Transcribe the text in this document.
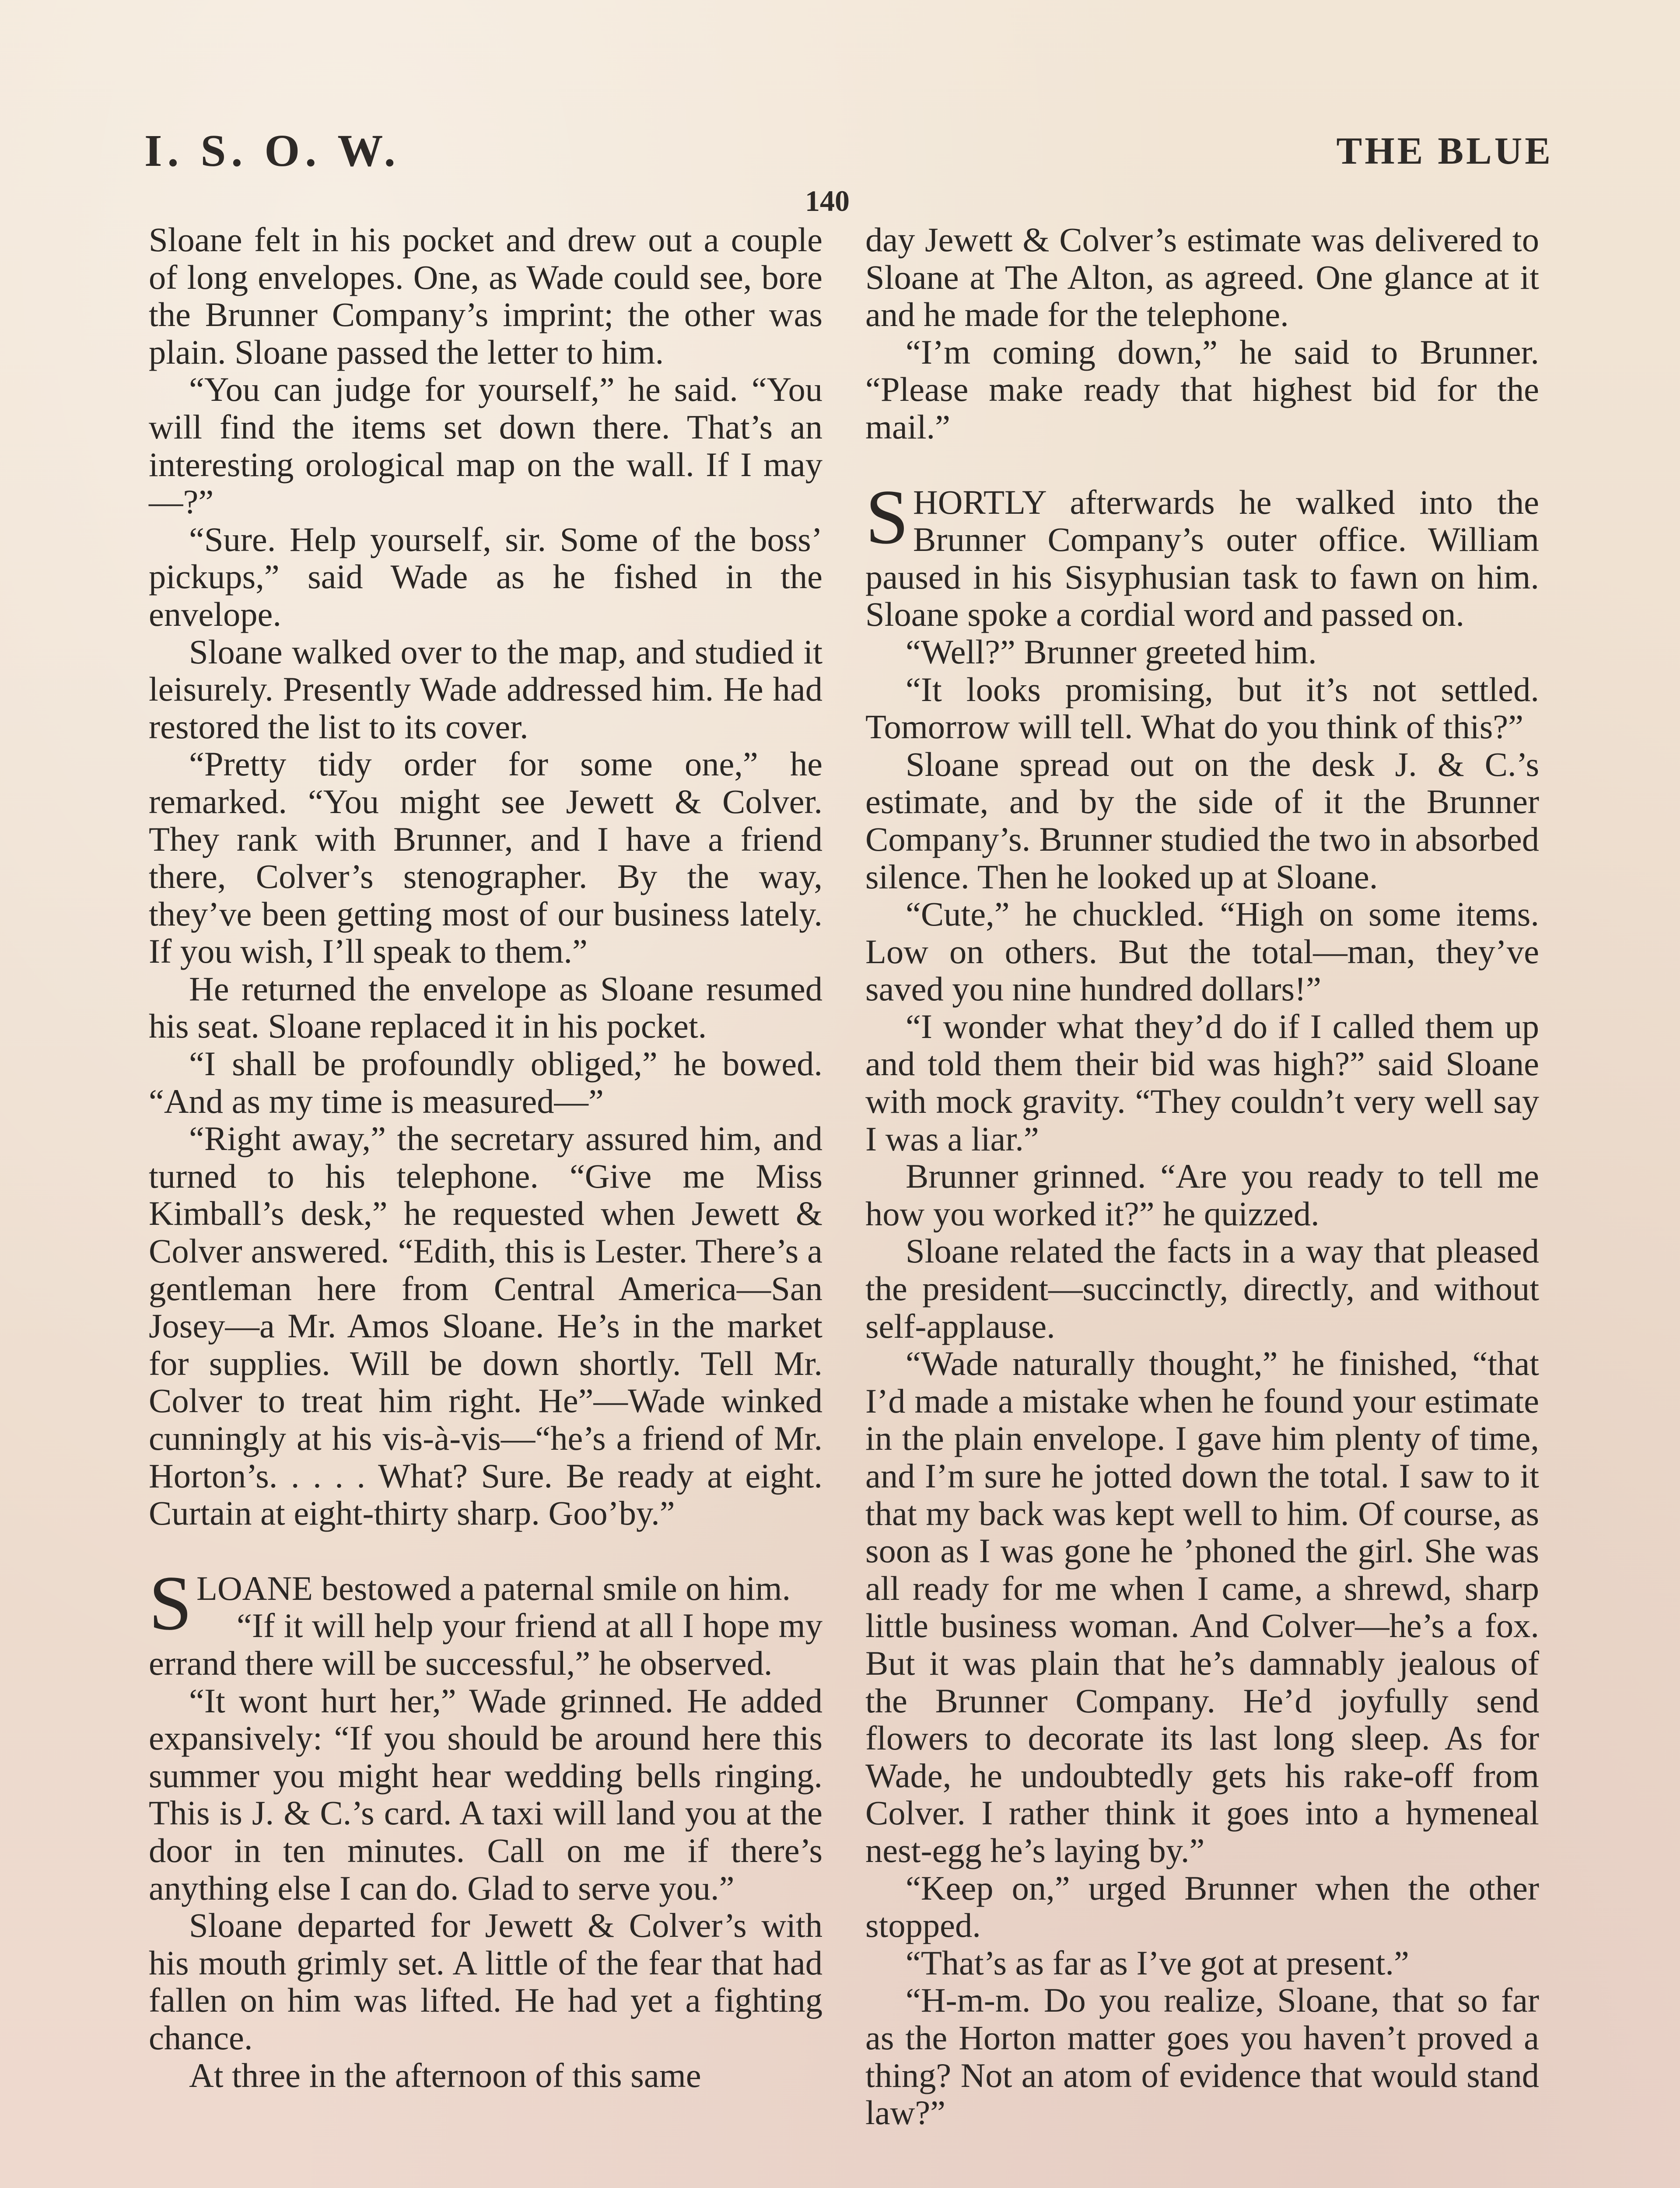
I. S. O. W.	THE BLUE
140

Sloane felt in his pocket and drew out a couple of long envelopes. One, as Wade could see, bore the Brunner Company’s imprint; the other was plain. Sloane passed the letter to him.

“You can judge for yourself,” he said. “You will find the items set down there. That’s an interesting orological map on the wall. If I may—?”

“Sure. Help yourself, sir. Some of the boss’ pickups,” said Wade as he fished in the envelope.

Sloane walked over to the map, and studied it leisurely. Presently Wade addressed him. He had restored the list to its cover.

“Pretty tidy order for some one,” he remarked. “You might see Jewett & Colver. They rank with Brunner, and I have a friend there, Colver’s stenographer. By the way, they’ve been getting most of our business lately. If you wish, I’ll speak to them.”

He returned the envelope as Sloane resumed his seat. Sloane replaced it in his pocket.

“I shall be profoundly obliged,” he bowed. “And as my time is measured—”

“Right away,” the secretary assured him, and turned to his telephone. “Give me Miss Kimball’s desk,” he requested when Jewett & Colver answered. “Edith, this is Lester. There’s a gentleman here from Central America—San Josey—a Mr. Amos Sloane. He’s in the market for supplies. Will be down shortly. Tell Mr. Colver to treat him right. He”—Wade winked cunningly at his vis-à-vis—“he’s a friend of Mr. Horton’s. . . . . What? Sure. Be ready at eight. Curtain at eight-thirty sharp. Goo’by.”

SLOANE bestowed a paternal smile on him.

“If it will help your friend at all I hope my errand there will be successful,” he observed.

“It wont hurt her,” Wade grinned. He added expansively: “If you should be around here this summer you might hear wedding bells ringing. This is J. & C.’s card. A taxi will land you at the door in ten minutes. Call on me if there’s anything else I can do. Glad to serve you.”

Sloane departed for Jewett & Colver’s with his mouth grimly set. A little of the fear that had fallen on him was lifted. He had yet a fighting chance.

At three in the afternoon of this same

day Jewett & Colver’s estimate was delivered to Sloane at The Alton, as agreed. One glance at it and he made for the telephone.

“I’m coming down,” he said to Brunner. “Please make ready that highest bid for the mail.”

SHORTLY afterwards he walked into the Brunner Company’s outer office. William paused in his Sisyphusian task to fawn on him. Sloane spoke a cordial word and passed on.

“Well?” Brunner greeted him.

“It looks promising, but it’s not settled. Tomorrow will tell. What do you think of this?”

Sloane spread out on the desk J. & C.’s estimate, and by the side of it the Brunner Company’s. Brunner studied the two in absorbed silence. Then he looked up at Sloane.

“Cute,” he chuckled. “High on some items. Low on others. But the total—man, they’ve saved you nine hundred dollars!”

“I wonder what they’d do if I called them up and told them their bid was high?” said Sloane with mock gravity. “They couldn’t very well say I was a liar.”

Brunner grinned. “Are you ready to tell me how you worked it?” he quizzed.

Sloane related the facts in a way that pleased the president—succinctly, directly, and without self-applause.

“Wade naturally thought,” he finished, “that I’d made a mistake when he found your estimate in the plain envelope. I gave him plenty of time, and I’m sure he jotted down the total. I saw to it that my back was kept well to him. Of course, as soon as I was gone he ’phoned the girl. She was all ready for me when I came, a shrewd, sharp little business woman. And Colver—he’s a fox. But it was plain that he’s damnably jealous of the Brunner Company. He’d joyfully send flowers to decorate its last long sleep. As for Wade, he undoubtedly gets his rake-off from Colver. I rather think it goes into a hymeneal nest-egg he’s laying by.”

“Keep on,” urged Brunner when the other stopped.

“That’s as far as I’ve got at present.”

“H-m-m. Do you realize, Sloane, that so far as the Horton matter goes you haven’t proved a thing? Not an atom of evidence that would stand law?”
